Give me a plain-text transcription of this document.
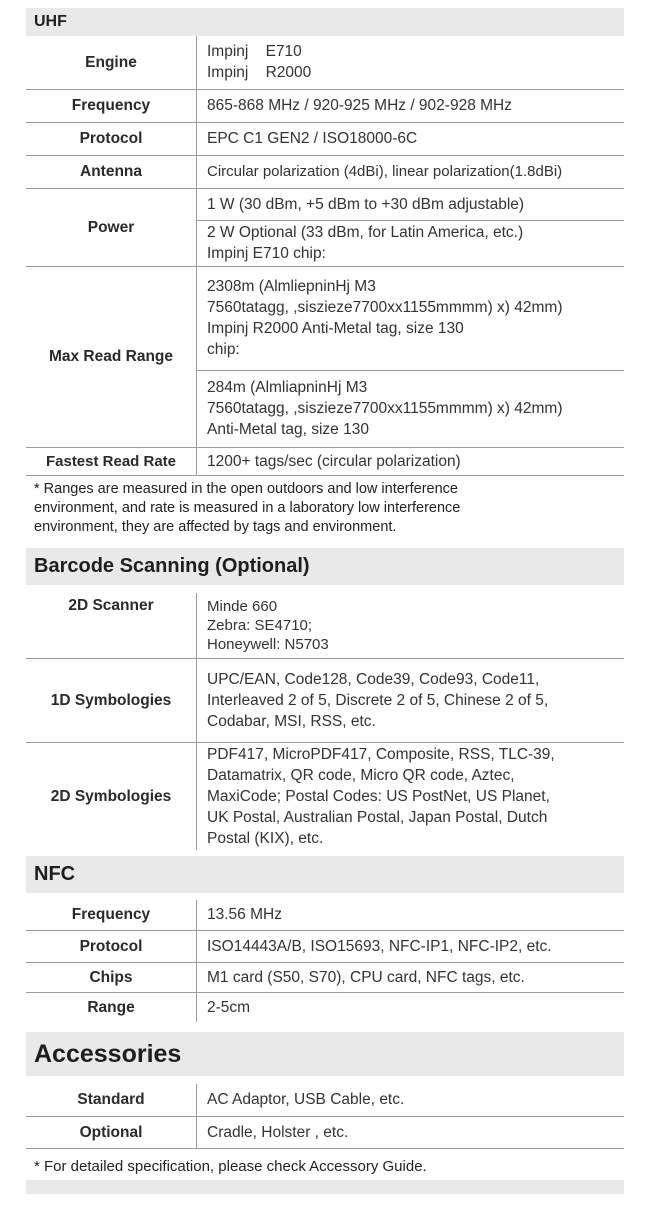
UHF
Engine	Impinj    E710
Impinj    R2000

Frequency	865-868 MHz / 920-925 MHz / 902-928 MHz
Protocol	EPC C1 GEN2 / ISO18000-6C
Antenna	Circular polarization (4dBi), linear polarization(1.8dBi)
Power	1 W (30 dBm, +5 dBm to +30 dBm adjustable)

	2 W Optional (33 dBm, for Latin America, etc.)
Impinj E710 chip:

Max Read Range	2308m (AlmliepninHj M3
7560tatagg, ,siszieze7700xx1155mmmm) x) 42mm)
Impinj R2000 Anti-Metal tag, size 130
chip:

	284m (AlmliapninHj M3
7560tatagg, ,siszieze7700xx1155mmmm) x) 42mm)
Anti-Metal tag, size 130

Fastest Read Rate	1200+ tags/sec (circular polarization)
* Ranges are measured in the open outdoors and low interference
environment, and rate is measured in a laboratory low interference
environment, they are affected by tags and environment.
Barcode Scanning (Optional)
2D Scanner	Minde 660
Zebra: SE4710;
Honeywell: N5703

1D Symbologies	UPC/EAN, Code128, Code39, Code93, Code11,
Interleaved 2 of 5, Discrete 2 of 5, Chinese 2 of 5,
Codabar, MSI, RSS, etc.

2D Symbologies	PDF417, MicroPDF417, Composite, RSS, TLC-39,
Datamatrix, QR code, Micro QR code, Aztec,
MaxiCode; Postal Codes: US PostNet, US Planet,
UK Postal, Australian Postal, Japan Postal, Dutch
Postal (KIX), etc.
NFC
Frequency	13.56 MHz
Protocol	ISO14443A/B, ISO15693, NFC-IP1, NFC-IP2, etc.
Chips	M1 card (S50, S70), CPU card, NFC tags, etc.
Range	2-5cm
Accessories
Standard	AC Adaptor, USB Cable, etc.
Optional	Cradle, Holster , etc.
* For detailed specification, please check Accessory Guide.
